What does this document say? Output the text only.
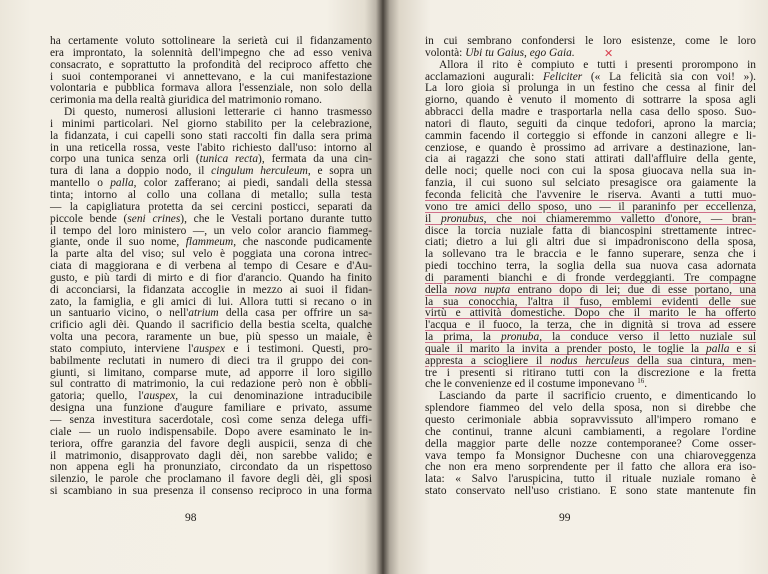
ha certamente voluto sottolineare la serietà cui il fidanzamento
era improntato, la solennità dell'impegno che ad esso veniva
consacrato, e soprattutto la profondità del reciproco affetto che
i suoi contemporanei vi annettevano, e la cui manifestazione
volontaria e pubblica formava allora l'essenziale, non solo della
cerimonia ma della realtà giuridica del matrimonio romano.
Di questo, numerosi allusioni letterarie ci hanno trasmesso
i minimi particolari. Nel giorno stabilito per la celebrazione,
la fidanzata, i cui capelli sono stati raccolti fin dalla sera prima
in una reticella rossa, veste l'abito richiesto dall'uso: intorno al
corpo una tunica senza orli (tunica recta), fermata da una cin-
tura di lana a doppio nodo, il cingulum herculeum, e sopra un
mantello o palla, color zafferano; ai piedi, sandali della stessa
tinta; intorno al collo una collana di metallo; sulla testa
— la capigliatura protetta da sei cercini posticci, separati da
piccole bende (seni crines), che le Vestali portano durante tutto
il tempo del loro ministero —, un velo color arancio fiammeg-
giante, onde il suo nome, flammeum, che nasconde pudicamente
la parte alta del viso; sul velo è poggiata una corona intrec-
ciata di maggiorana e di verbena al tempo di Cesare e d'Au-
gusto, e più tardi di mirto e di fior d'arancio. Quando ha finito
di acconciarsi, la fidanzata accoglie in mezzo ai suoi il fidan-
zato, la famiglia, e gli amici di lui. Allora tutti si recano o in
un santuario vicino, o nell'atrium della casa per offrire un sa-
crificio agli dèi. Quando il sacrificio della bestia scelta, qualche
volta una pecora, raramente un bue, più spesso un maiale, è
stato compiuto, interviene l'auspex e i testimoni. Questi, pro-
babilmente reclutati in numero di dieci tra il gruppo dei con-
giunti, si limitano, comparse mute, ad apporre il loro sigillo
sul contratto di matrimonio, la cui redazione però non è obbli-
gatoria; quello, l'auspex, la cui denominazione intraducibile
designa una funzione d'augure familiare e privato, assume
— senza investitura sacerdotale, così come senza delega uffi-
ciale — un ruolo indispensabile. Dopo avere esaminato le in-
teriora, offre garanzia del favore degli auspicii, senza di che
il matrimonio, disapprovato dagli dèi, non sarebbe valido; e
non appena egli ha pronunziato, circondato da un rispettoso
silenzio, le parole che proclamano il favore degli dèi, gli sposi
si scambiano in sua presenza il consenso reciproco in una forma
in cui sembrano confondersi le loro esistenze, come le loro
volontà: Ubi tu Gaius, ego Gaia.
Allora il rito è compiuto e tutti i presenti prorompono in
acclamazioni augurali: Feliciter (« La felicità sia con voi! »).
La loro gioia si prolunga in un festino che cessa al finir del
giorno, quando è venuto il momento di sottrarre la sposa agli
abbracci della madre e trasportarla nella casa dello sposo. Suo-
natori di flauto, seguiti da cinque tedofori, aprono la marcia;
cammin facendo il corteggio si effonde in canzoni allegre e li-
cenziose, e quando è prossimo ad arrivare a destinazione, lan-
cia ai ragazzi che sono stati attirati dall'affluire della gente,
delle noci; quelle noci con cui la sposa giuocava nella sua in-
fanzia, il cui suono sul selciato presagisce ora gaiamente la
feconda felicità che l'avvenire le riserva. Avanti a tutti muo-
vono tre amici dello sposo, uno — il paraninfo per eccellenza,
il pronubus, che noi chiameremmo valletto d'onore, — bran-
disce la torcia nuziale fatta di biancospini strettamente intrec-
ciati; dietro a lui gli altri due si impadroniscono della sposa,
la sollevano tra le braccia e le fanno superare, senza che i
piedi tocchino terra, la soglia della sua nuova casa adornata
di paramenti bianchi e di fronde verdeggianti. Tre compagne
della nova nupta entrano dopo di lei; due di esse portano, una
la sua conocchia, l'altra il fuso, emblemi evidenti delle sue
virtù e attività domestiche. Dopo che il marito le ha offerto
l'acqua e il fuoco, la terza, che in dignità si trova ad essere
la prima, la pronuba, la conduce verso il letto nuziale sul
quale il marito la invita a prender posto, le toglie la palla e si
appresta a sciogliere il nodus herculeus della sua cintura, men-
tre i presenti si ritirano tutti con la discrezione e la fretta
che le convenienze ed il costume imponevano $^{16}$.
Lasciando da parte il sacrificio cruento, e dimenticando lo
splendore fiammeo del velo della sposa, non si direbbe che
questo cerimoniale abbia sopravvissuto all'impero romano e
che continui, tranne alcuni cambiamenti, a regolare l'ordine
della maggior parte delle nozze contemporanee? Come osser-
vava tempo fa Monsignor Duchesne con una chiaroveggenza
che non era meno sorprendente per il fatto che allora era iso-
lata: « Salvo l'aruspicina, tutto il rituale nuziale romano è
stato conservato nell'uso cristiano. E sono state mantenute fin
98	99
✕
